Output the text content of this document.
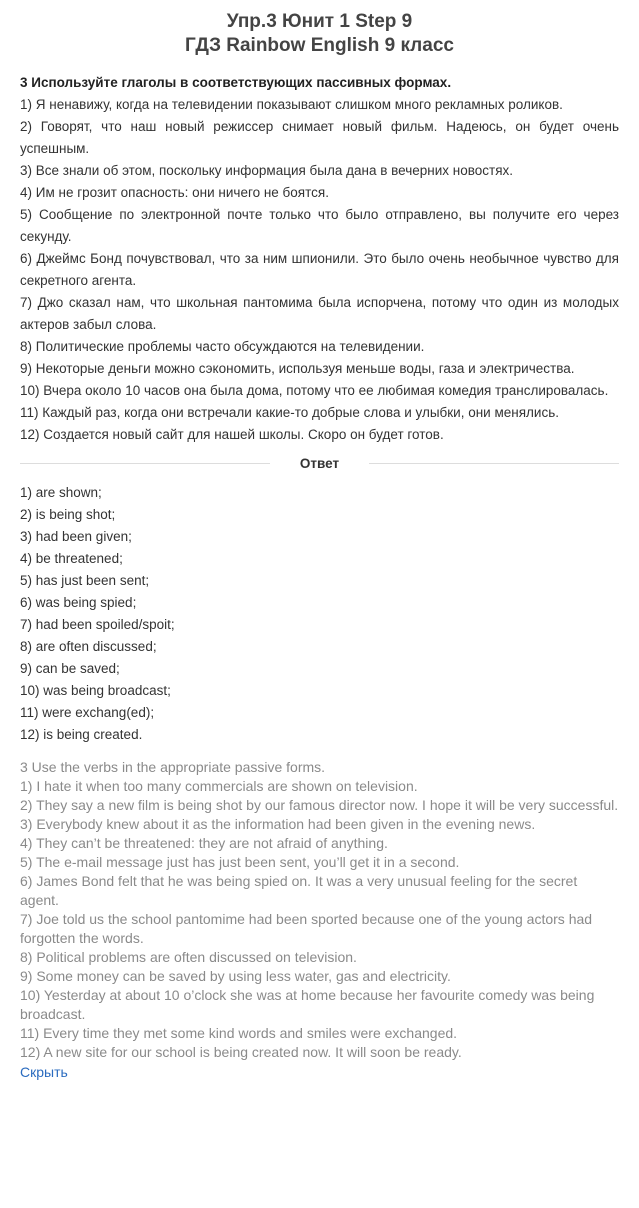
Упр.3 Юнит 1 Step 9
ГДЗ Rainbow English 9 класс
3 Используйте глаголы в соответствующих пассивных формах.
1) Я ненавижу, когда на телевидении показывают слишком много рекламных роликов.
2) Говорят, что наш новый режиссер снимает новый фильм. Надеюсь, он будет очень успешным.
3) Все знали об этом, поскольку информация была дана в вечерних новостях.
4) Им не грозит опасность: они ничего не боятся.
5) Сообщение по электронной почте только что было отправлено, вы получите его через секунду.
6) Джеймс Бонд почувствовал, что за ним шпионили. Это было очень необычное чувство для секретного агента.
7) Джо сказал нам, что школьная пантомима была испорчена, потому что один из молодых актеров забыл слова.
8) Политические проблемы часто обсуждаются на телевидении.
9) Некоторые деньги можно сэкономить, используя меньше воды, газа и электричества.
10) Вчера около 10 часов она была дома, потому что ее любимая комедия транслировалась.
11) Каждый раз, когда они встречали какие-то добрые слова и улыбки, они менялись.
12) Создается новый сайт для нашей школы. Скоро он будет готов.
Ответ
1) are shown;
2) is being shot;
3) had been given;
4) be threatened;
5) has just been sent;
6) was being spied;
7) had been spoiled/spoit;
8) are often discussed;
9) can be saved;
10) was being broadcast;
11) were exchang(ed);
12) is being created.
3 Use the verbs in the appropriate passive forms.
1) I hate it when too many commercials are shown on television.
2) They say a new film is being shot by our famous director now. I hope it will be very successful.
3) Everybody knew about it as the information had been given in the evening news.
4) They can’t be threatened: they are not afraid of anything.
5) The e-mail message just has just been sent, you’ll get it in a second.
6) James Bond felt that he was being spied on. It was a very unusual feeling for the secret agent.
7) Joe told us the school pantomime had been sported because one of the young actors had forgotten the words.
8) Political problems are often discussed on television.
9) Some money can be saved by using less water, gas and electricity.
10) Yesterday at about 10 o’clock she was at home because her favourite comedy was being broadcast.
11) Every time they met some kind words and smiles were exchanged.
12) A new site for our school is being created now. It will soon be ready.
Скрыть
